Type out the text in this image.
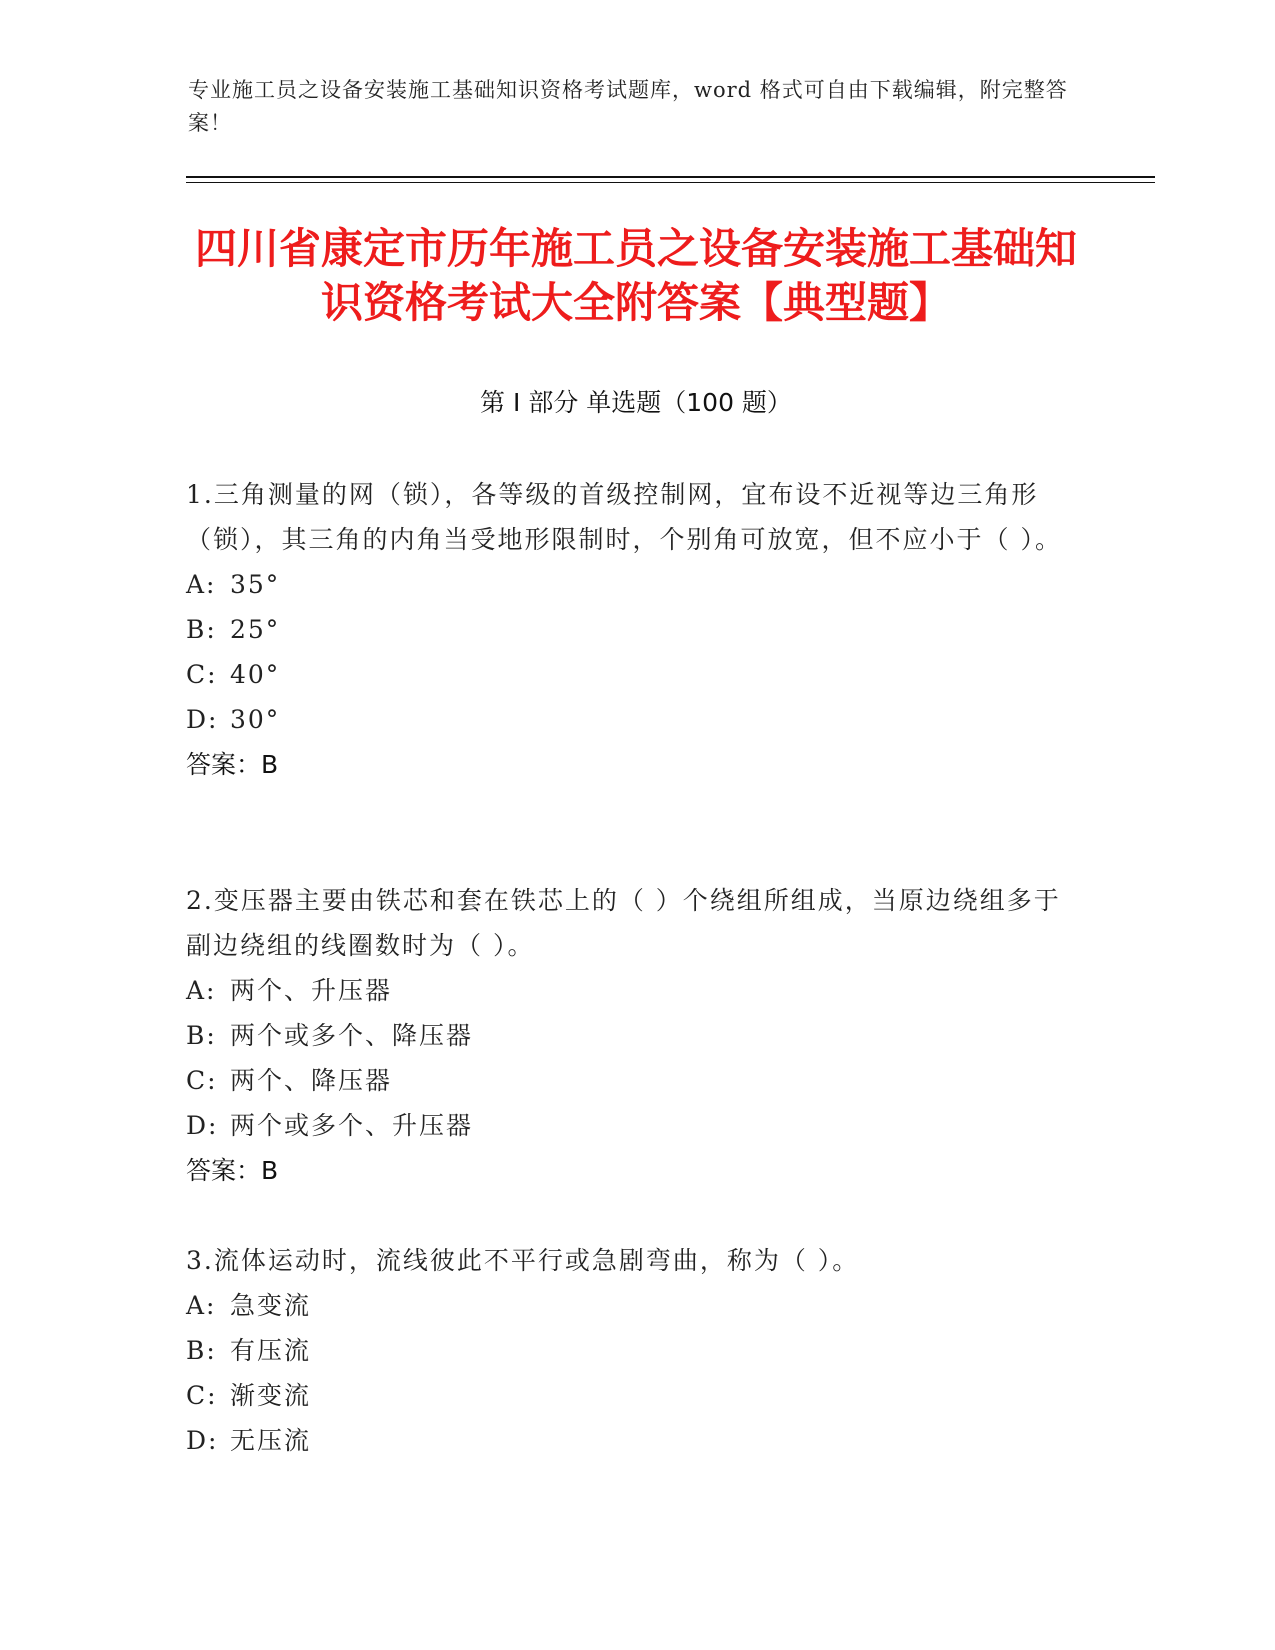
专业施工员之设备安装施工基础知识资格考试题库，word 格式可自由下载编辑，附完整答案！
四川省康定市历年施工员之设备安装施工基础知识资格考试大全附答案【典型题】
第 I 部分 单选题（100 题）
1.三角测量的网（锁），各等级的首级控制网，宜布设不近视等边三角形（锁），其三角的内角当受地形限制时，个别角可放宽，但不应小于（ ）。
A: 35°
B: 25°
C: 40°
D: 30°
答案：B
2.变压器主要由铁芯和套在铁芯上的（ ）个绕组所组成，当原边绕组多于副边绕组的线圈数时为（ ）。
A: 两个、升压器
B: 两个或多个、降压器
C: 两个、降压器
D: 两个或多个、升压器
答案：B
3.流体运动时，流线彼此不平行或急剧弯曲，称为（ ）。
A: 急变流
B: 有压流
C: 渐变流
D: 无压流
